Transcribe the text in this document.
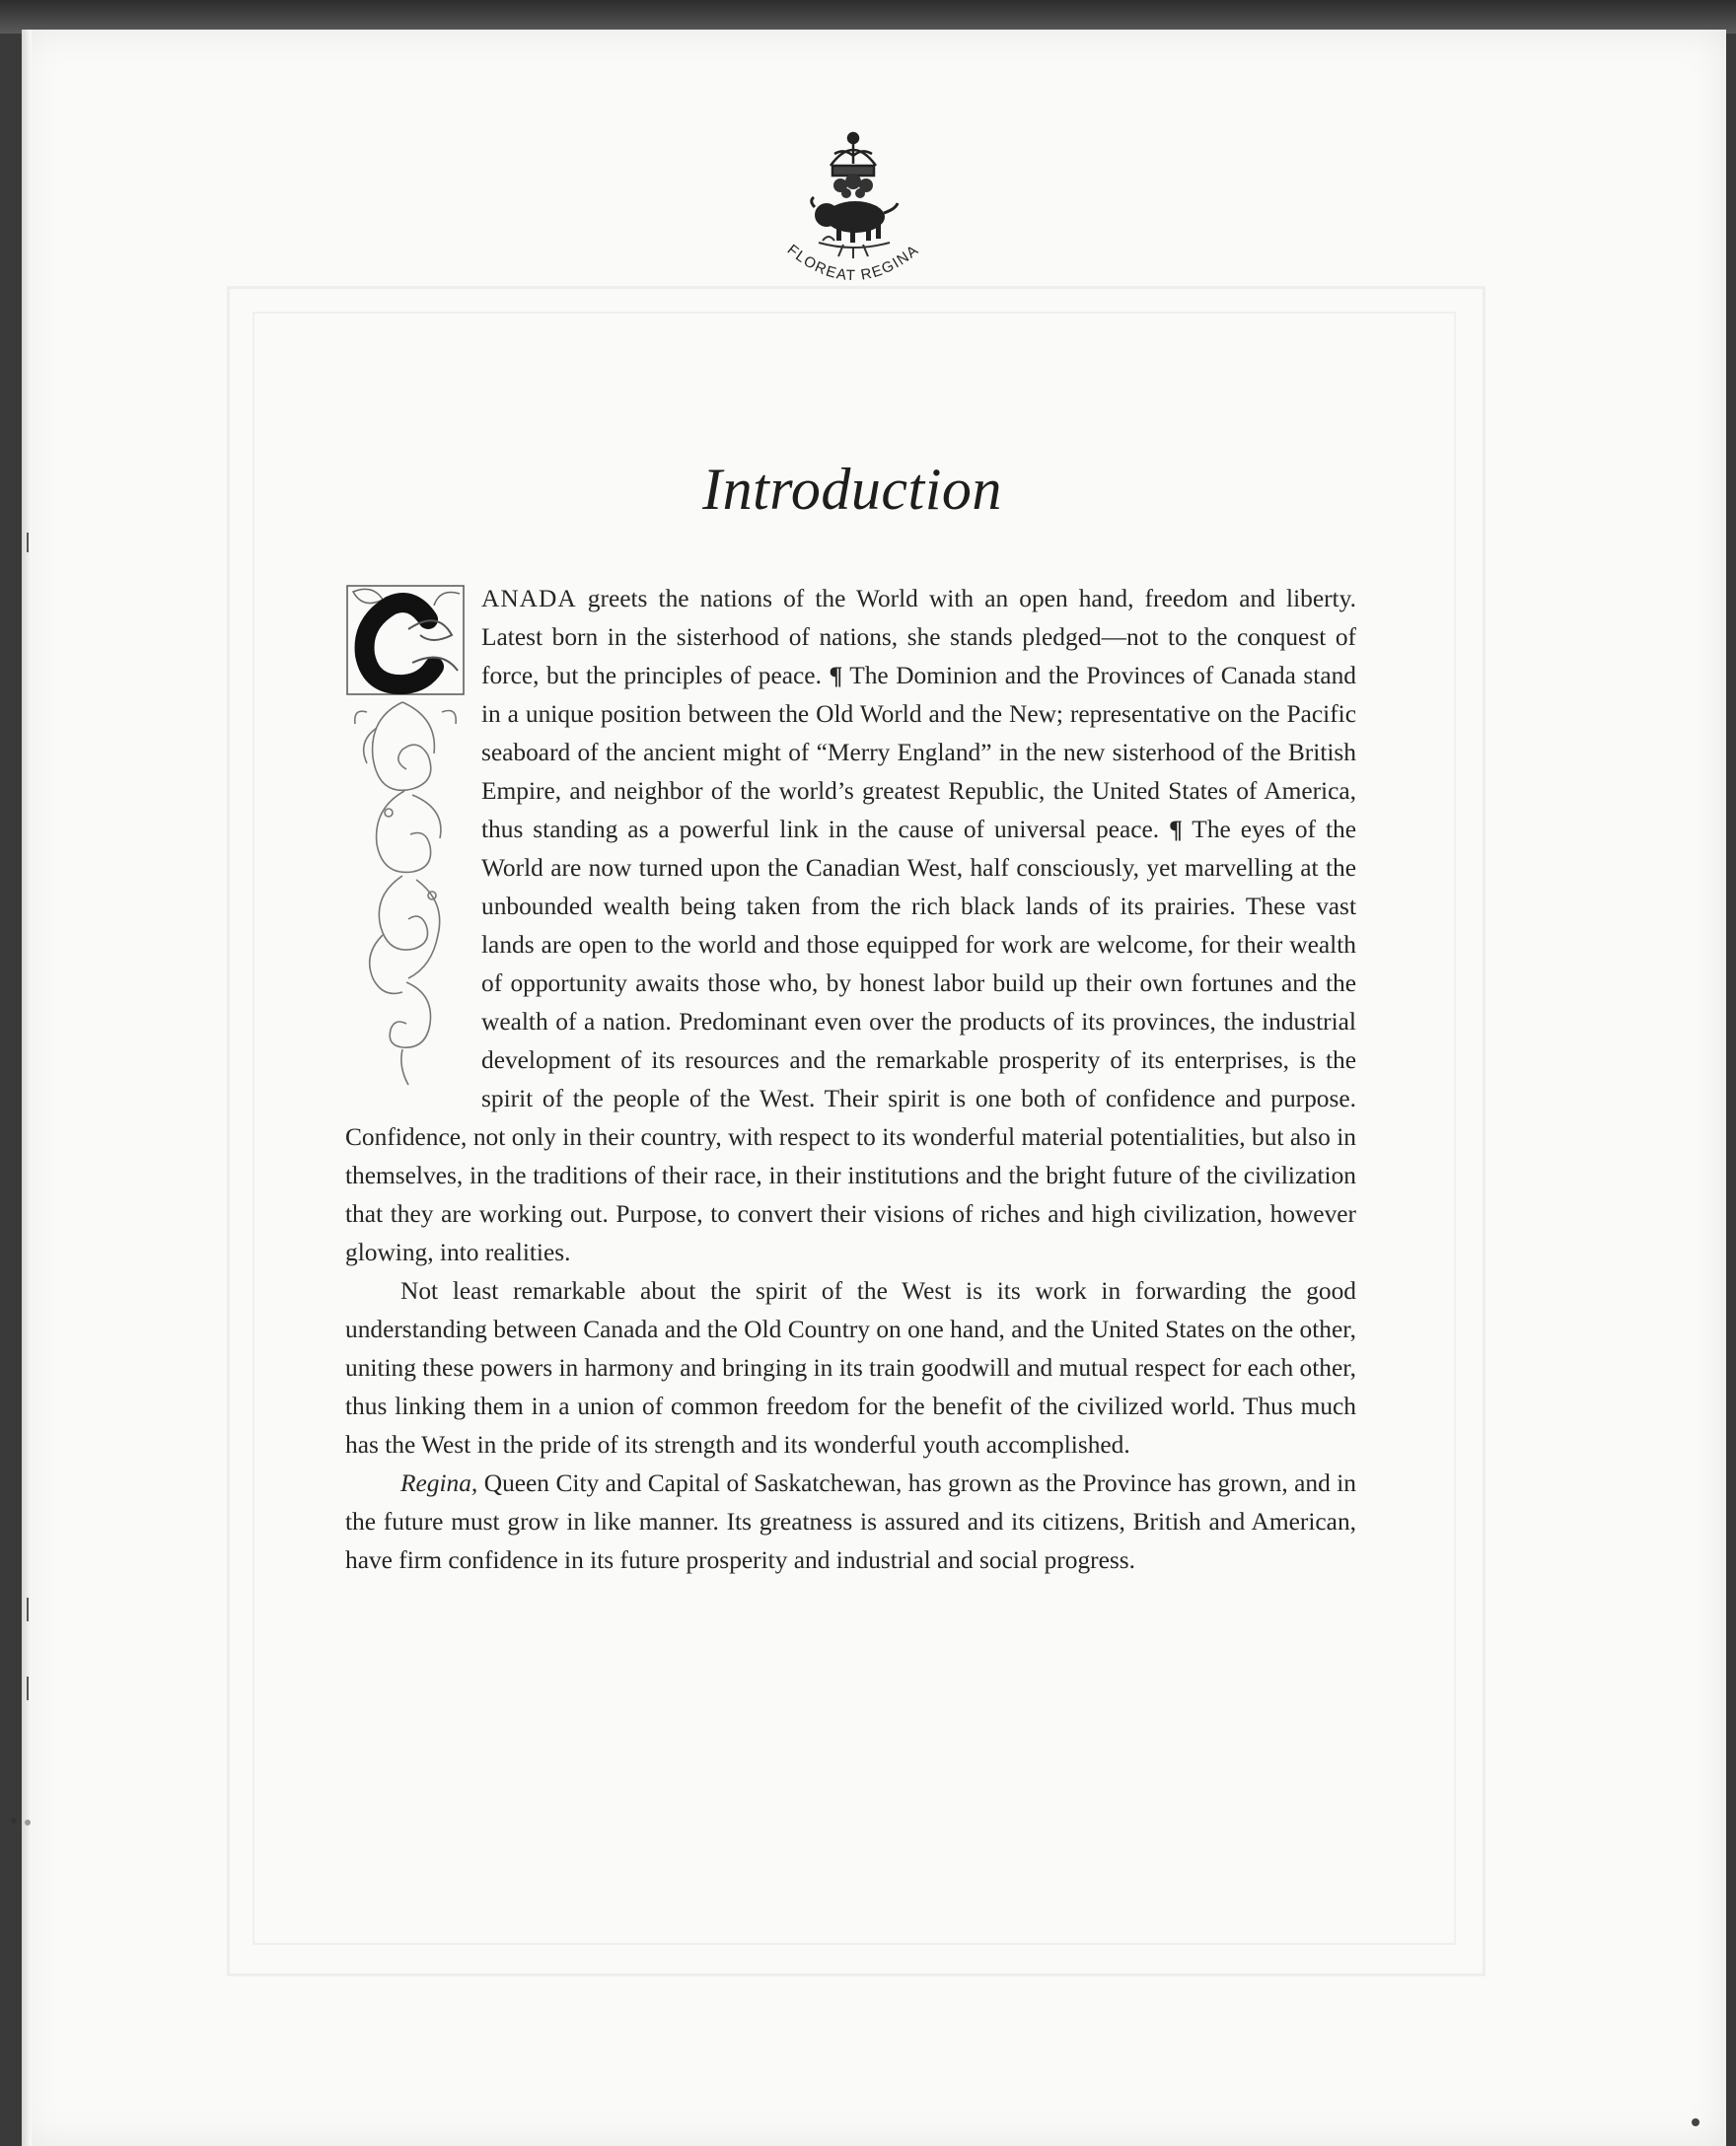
FLOREAT REGINA
Introduction
C

ANADA greets the nations of the World with an open hand, freedom and liberty. Latest born in the sisterhood of nations, she stands pledged—not to the conquest of force, but the principles of peace. ¶ The Dominion and the Provinces of Canada stand in a unique position between the Old World and the New; representative on the Pacific seaboard of the ancient might of “Merry England” in the new sisterhood of the British Empire, and neighbor of the world’s greatest Republic, the United States of America, thus standing as a powerful link in the cause of universal peace. ¶ The eyes of the World are now turned upon the Canadian West, half consciously, yet marvelling at the unbounded wealth being taken from the rich black lands of its prairies. These vast lands are open to the world and those equipped for work are welcome, for their wealth of opportunity awaits those who, by honest labor build up their own fortunes and the wealth of a nation. Predominant even over the products of its provinces, the industrial development of its resources and the remarkable prosperity of its enterprises, is the spirit of the people of the West. Their spirit is one both of confidence and purpose. Confidence, not only in their country, with respect to its wonderful material potentialities, but also in themselves, in the traditions of their race, in their institutions and the bright future of the civilization that they are working out. Purpose, to convert their visions of riches and high civilization, however glowing, into realities.

Not least remarkable about the spirit of the West is its work in forwarding the good understanding between Canada and the Old Country on one hand, and the United States on the other, uniting these powers in harmony and bringing in its train goodwill and mutual respect for each other, thus linking them in a union of common freedom for the benefit of the civilized world. Thus much has the West in the pride of its strength and its wonderful youth accomplished.

Regina, Queen City and Capital of Saskatchewan, has grown as the Province has grown, and in the future must grow in like manner. Its greatness is assured and its citizens, British and American, have firm confidence in its future prosperity and industrial and social progress.
